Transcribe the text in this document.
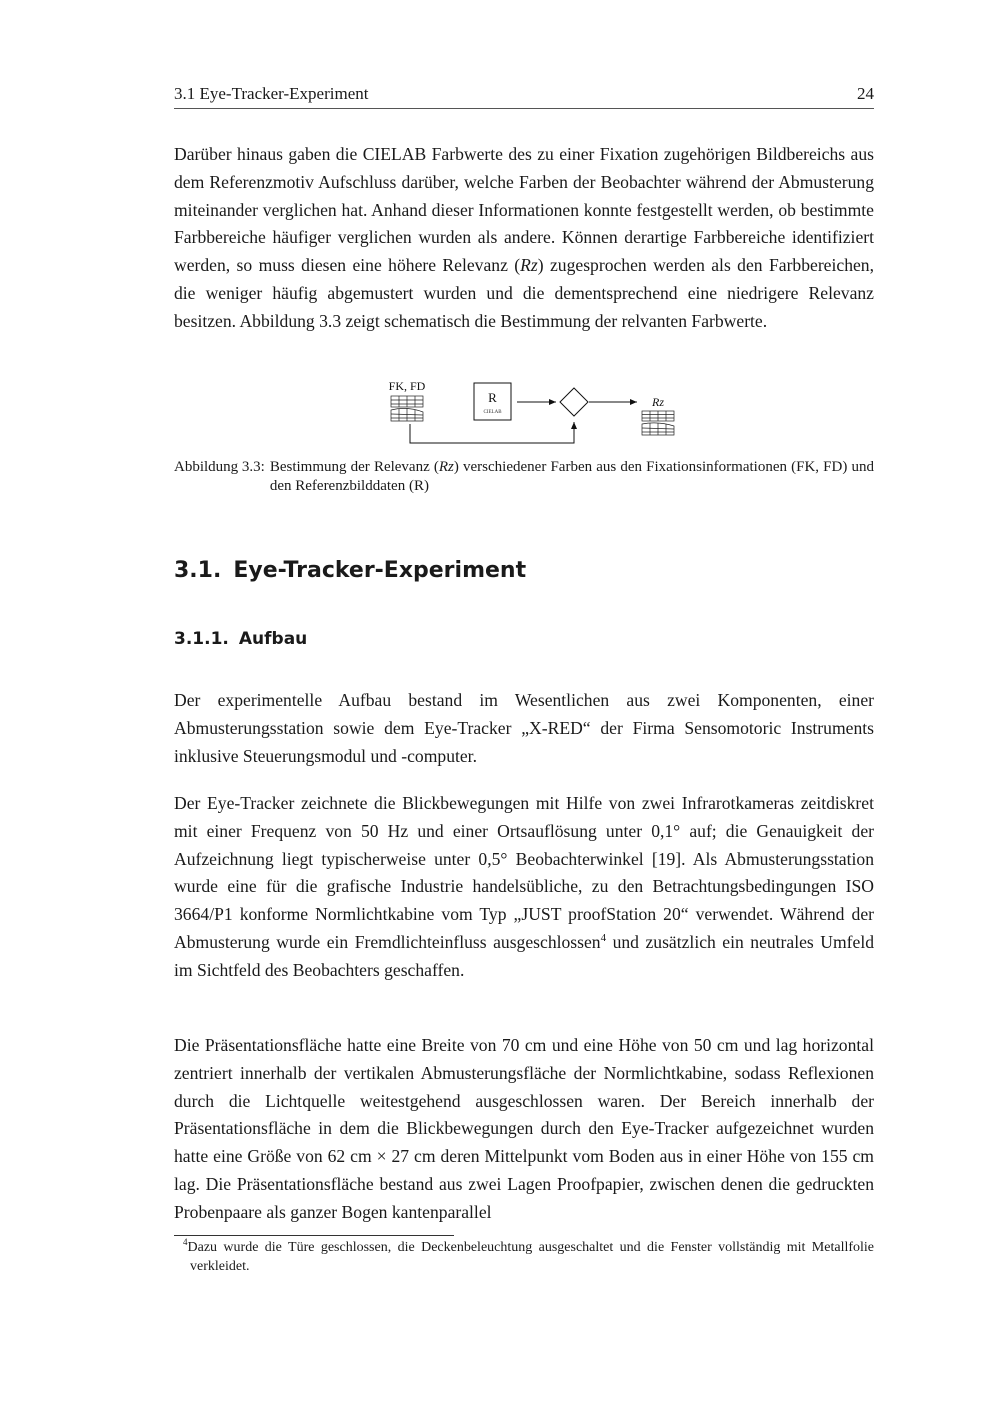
3.1 Eye-Tracker-Experiment	24

Darüber hinaus gaben die CIELAB Farbwerte des zu einer Fixation zugehörigen Bildbereichs aus dem Referenzmotiv Aufschluss darüber, welche Farben der Beobachter während der Abmusterung miteinander verglichen hat. Anhand dieser Informationen konnte festgestellt werden, ob bestimmte Farbbereiche häufiger verglichen wurden als andere. Können derartige Farbbereiche identifiziert werden, so muss diesen eine höhere Relevanz (Rz) zugesprochen werden als den Farbbereichen, die weniger häufig abgemustert wurden und die dementsprechend eine niedrigere Relevanz besitzen. Abbildung 3.3 zeigt schematisch die Bestimmung der relvanten Farbwerte.

FK, FD
R
CIELAB
Rz
Abbildung 3.3: Bestimmung der Relevanz (Rz) verschiedener Farben aus den Fixationsinformationen (FK, FD) und den Referenzbilddaten (R)
3.1. Eye-Tracker-Experiment
3.1.1. Aufbau

Der experimentelle Aufbau bestand im Wesentlichen aus zwei Komponenten, einer Abmusterungsstation sowie dem Eye-Tracker „X-RED“ der Firma Sensomotoric Instruments inklusive Steuerungsmodul und -computer.

Der Eye-Tracker zeichnete die Blickbewegungen mit Hilfe von zwei Infrarotkameras zeitdiskret mit einer Frequenz von 50 Hz und einer Ortsauflösung unter 0,1° auf; die Genauigkeit der Aufzeichnung liegt typischerweise unter 0,5° Beobachterwinkel [19]. Als Abmusterungsstation wurde eine für die grafische Industrie handelsübliche, zu den Betrachtungsbedingungen ISO 3664/P1 konforme Normlichtkabine vom Typ „JUST proofStation 20“ verwendet. Während der Abmusterung wurde ein Fremdlichteinfluss ausgeschlossen$^4$ und zusätzlich ein neutrales Umfeld im Sichtfeld des Beobachters geschaffen.

Die Präsentationsfläche hatte eine Breite von 70 cm und eine Höhe von 50 cm und lag horizontal zentriert innerhalb der vertikalen Abmusterungsfläche der Normlichtkabine, sodass Reflexionen durch die Lichtquelle weitestgehend ausgeschlossen waren. Der Bereich innerhalb der Präsentationsfläche in dem die Blickbewegungen durch den Eye-Tracker aufgezeichnet wurden hatte eine Größe von 62 cm × 27 cm deren Mittelpunkt vom Boden aus in einer Höhe von 155 cm lag. Die Präsentationsfläche bestand aus zwei Lagen Proofpapier, zwischen denen die gedruckten Probenpaare als ganzer Bogen kantenparallel

$^4$Dazu wurde die Türe geschlossen, die Deckenbeleuchtung ausgeschaltet und die Fenster vollständig mit Metallfolie verkleidet.
